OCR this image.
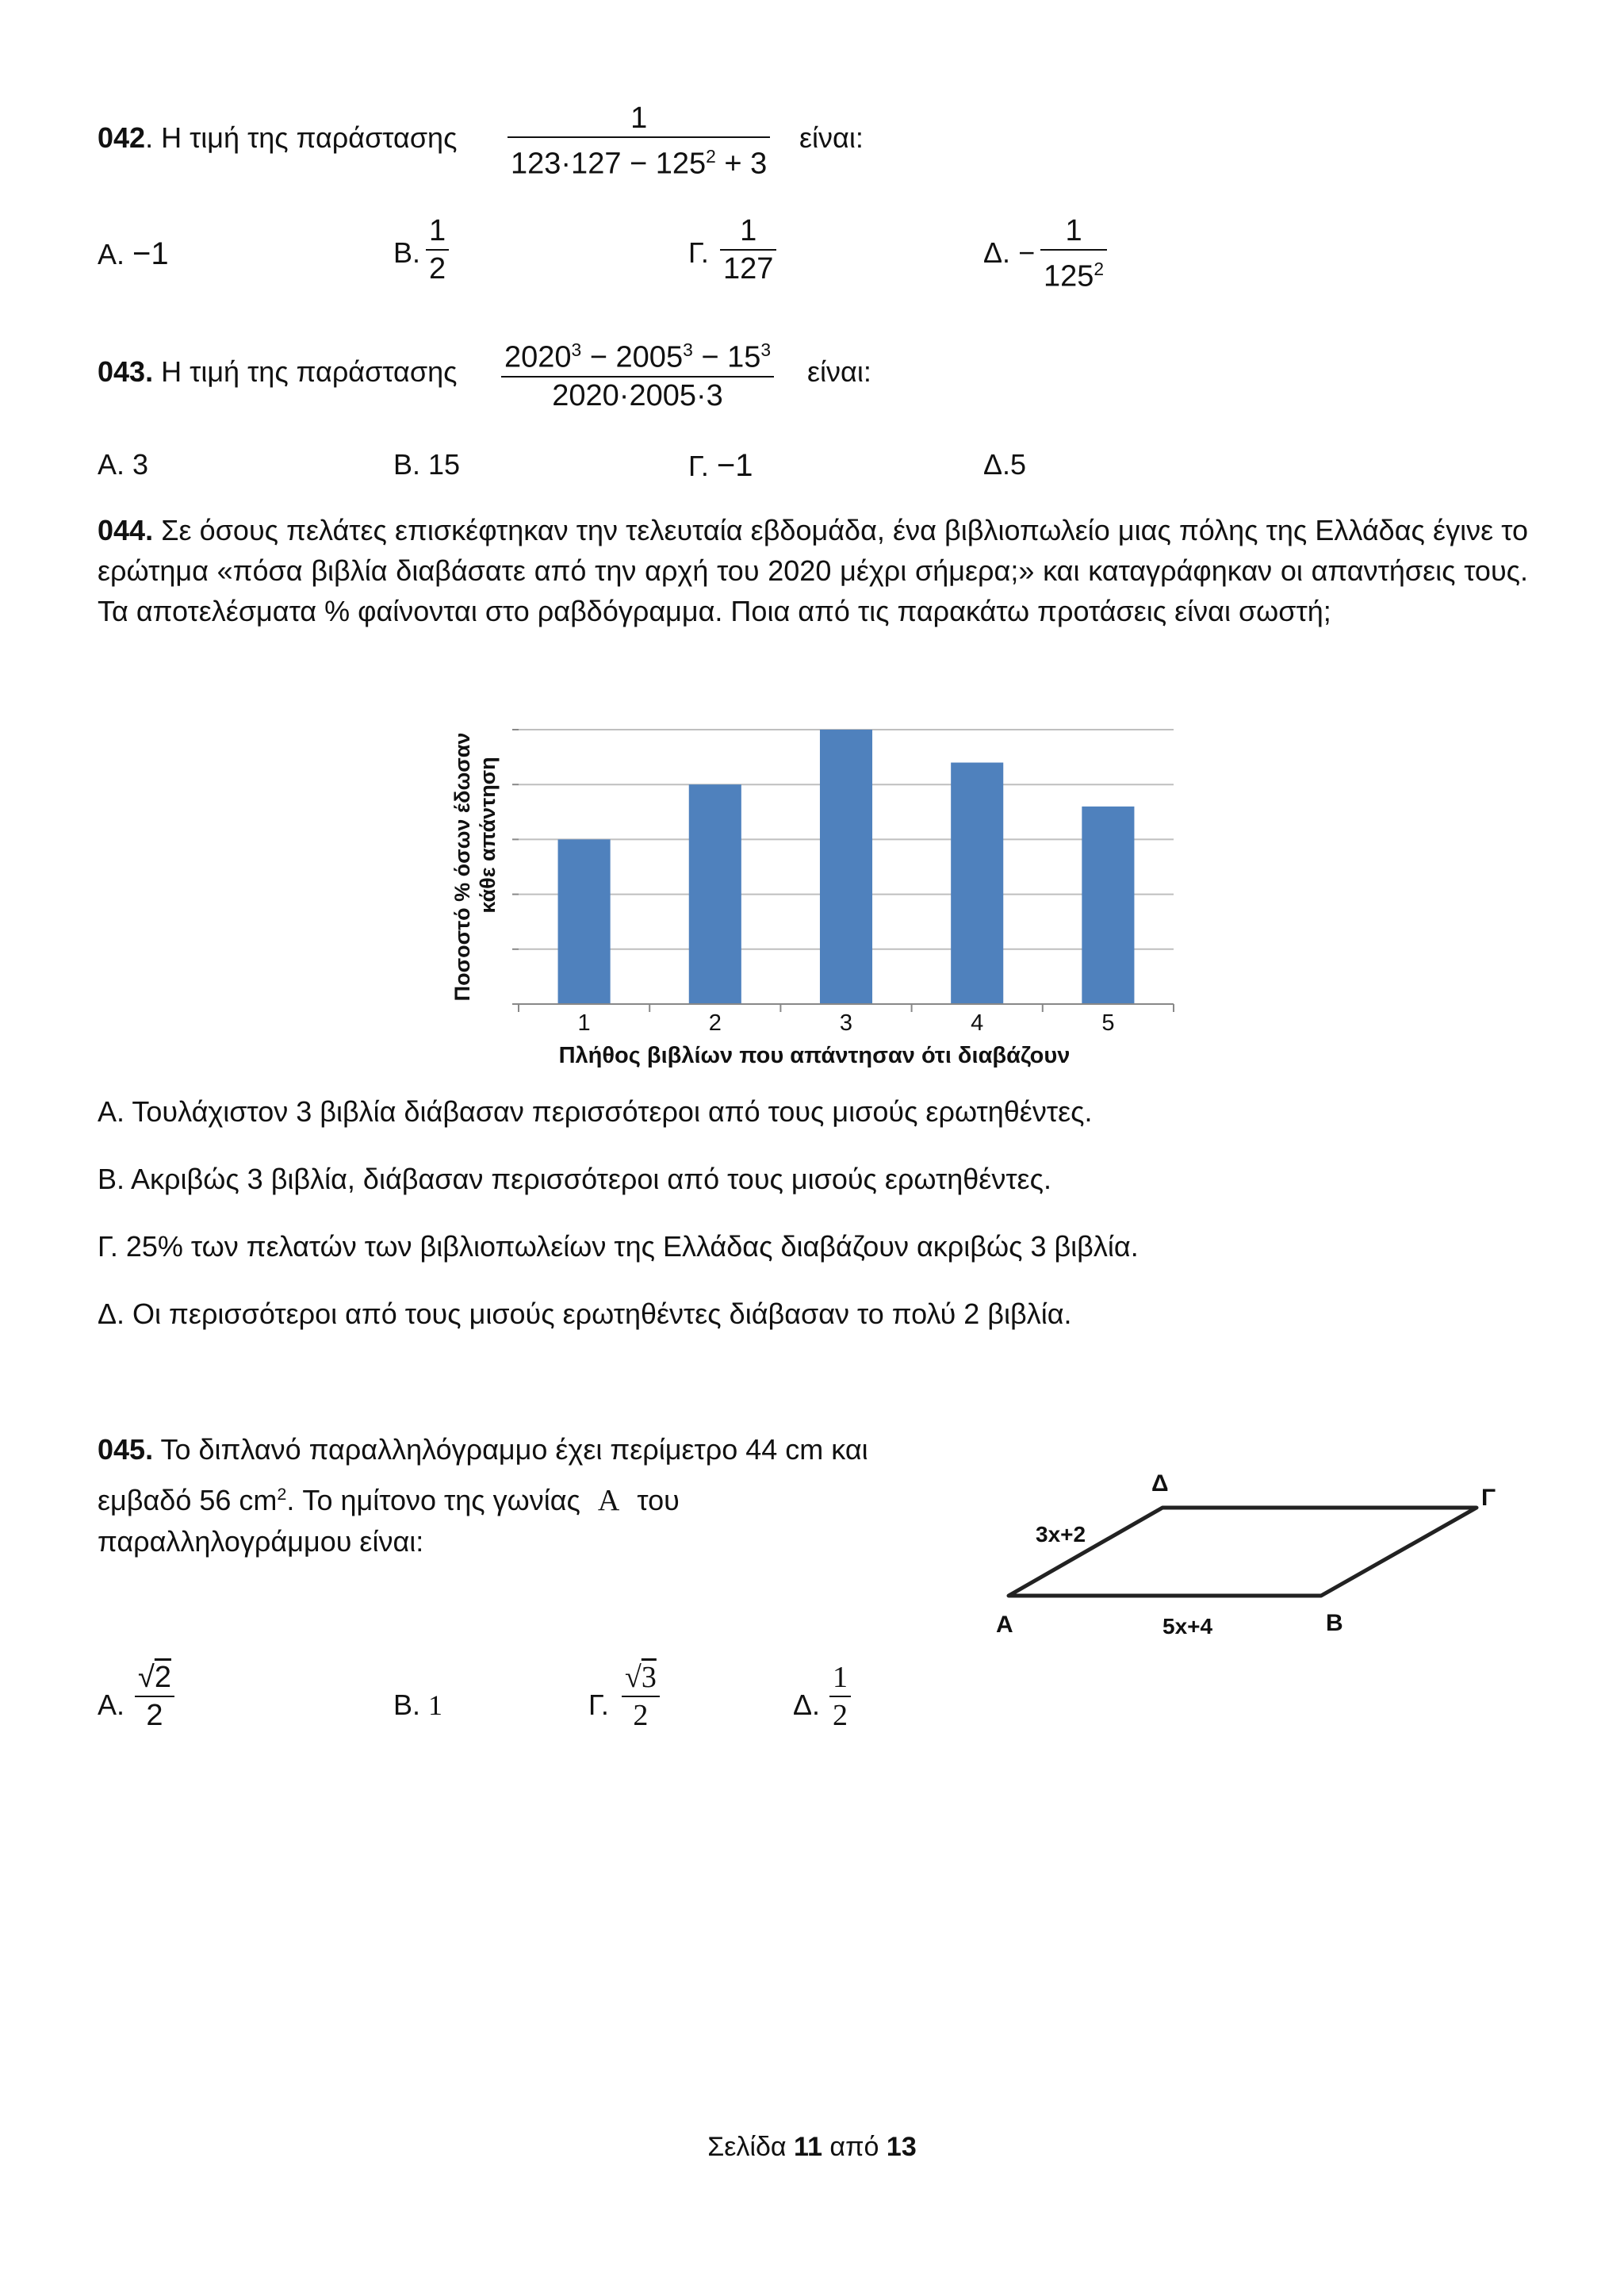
042. Η τιμή της παράστασης
1
$123\cdot 127 - 125^2 + 3$
είναι:
Α. −1	Β.
1
2	Γ.
1
127	Δ. −
1
$125^2$
043. Η τιμή της παράστασης $2020^3 - 2005^3 - 15^3$
2020·2005·3
είναι:
Α. 3	Β. 15	Γ. −1	Δ.5
044. Σε όσους πελάτες επισκέφτηκαν την τελευταία εβδομάδα, ένα βιβλιοπωλείο μιας πόλης της Ελλάδας έγινε το ερώτημα «πόσα βιβλία διαβάσατε από την αρχή του 2020 μέχρι σήμερα;» και καταγράφηκαν οι απαντήσεις τους. Τα αποτελέσματα % φαίνονται στο ραβδόγραμμα. Ποια από τις παρακάτω προτάσεις είναι σωστή;
1	2	3	4	5
Ποσοστό % όσων έδωσαν κάθε απάντηση
Πλήθος βιβλίων που απάντησαν ότι διαβάζουν
Α. Τουλάχιστον 3 βιβλία διάβασαν περισσότεροι από τους μισούς ερωτηθέντες.
Β. Ακριβώς 3 βιβλία, διάβασαν περισσότεροι από τους μισούς ερωτηθέντες.
Γ. 25% των πελατών των βιβλιοπωλείων της Ελλάδας διαβάζουν ακριβώς 3 βιβλία.
Δ. Οι περισσότεροι από τους μισούς ερωτηθέντες διάβασαν το πολύ 2 βιβλία.
045. Το διπλανό παραλληλόγραμμο έχει περίμετρο 44 cm και
εμβαδό 56 $cm^2$. Το ημίτονο της γωνίας Α του
παραλληλογράμμου είναι:
Α	Β
Γ
Δ
3x+2
5x+4
Α.
√2
2	Β. 1	Γ.
√3
2	Δ.
1
2
Σελίδα 11 από 13
